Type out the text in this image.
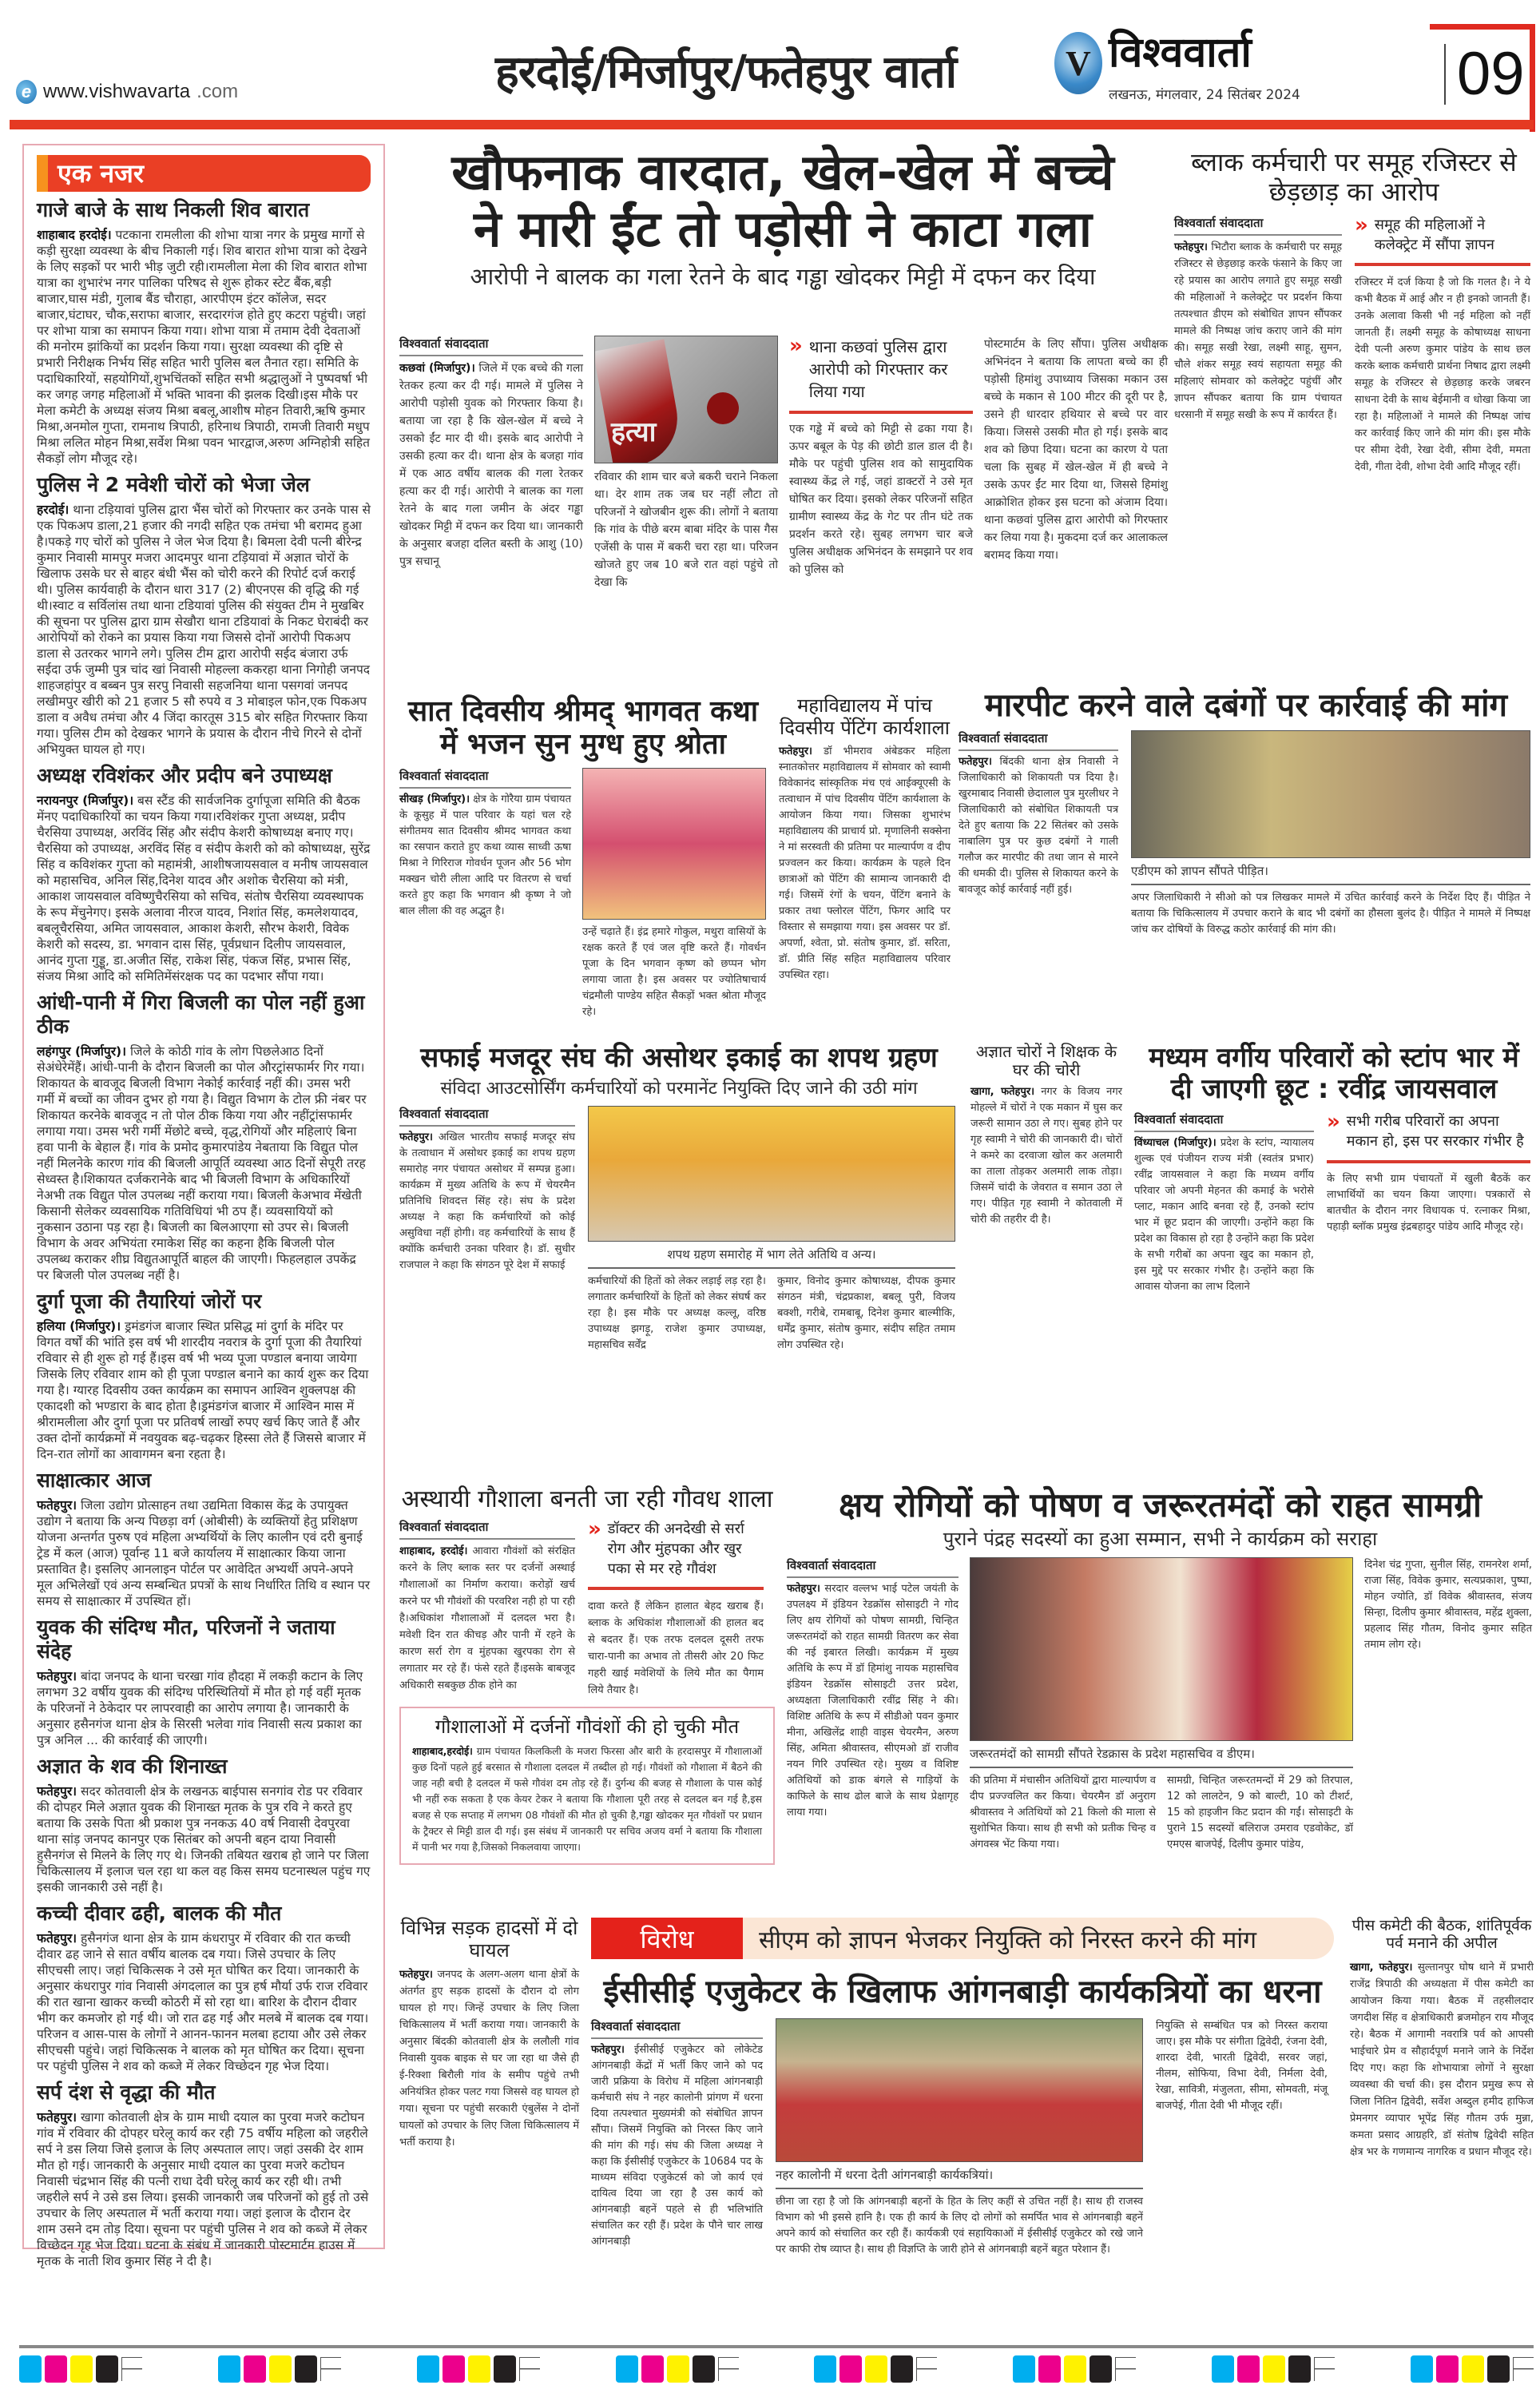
e www.vishwavarta .com	हरदोई/मिर्जापुर/फतेहपुर वार्ता V	विश्ववार्ता
लखनऊ, मंगलवार, 24 सितंबर 2024	09
एक नजर
गाजे बाजे के साथ निकली शिव बारात
शाहाबाद हरदोई। पटकाना रामलीला की शोभा यात्रा नगर के प्रमुख मार्गो से कड़ी सुरक्षा व्यवस्था के बीच निकाली गई। शिव बारात शोभा यात्रा को देखने के लिए सड़कों पर भारी भीड़ जुटी रही।रामलीला मेला की शिव बारात शोभा यात्रा का शुभारंभ नगर पालिका परिषद से शुरू होकर स्टेट बैंक,बड़ी बाजार,घास मंडी, गुलाब बैंड चौराहा, आरपीएम इंटर कॉलेज, सदर बाजार,घंटाघर, चौक,सराफा बाजार, सरदारगंज होते हुए कटरा पहुंची। जहां पर शोभा यात्रा का समापन किया गया। शोभा यात्रा में तमाम देवी देवताओं की मनोरम झांकियों का प्रदर्शन किया गया। सुरक्षा व्यवस्था की दृष्टि से प्रभारी निरीक्षक निर्भय सिंह सहित भारी पुलिस बल तैनात रहा। समिति के पदाधिकारियों, सहयोगियों,शुभचिंतकों सहित सभी श्रद्धालुओं ने पुष्पवर्षा भी कर जगह जगह महिलाओं में भक्ति भावना की झलक दिखी।इस मौके पर मेला कमेटी के अध्यक्ष संजय मिश्रा बबलू,आशीष मोहन तिवारी,ऋषि कुमार मिश्रा,अनमोल गुप्ता, रामनाथ त्रिपाठी, हरिनाथ त्रिपाठी, रामजी तिवारी मधुप मिश्रा ललित मोहन मिश्रा,सर्वेश मिश्रा पवन भारद्वाज,अरुण अग्निहोत्री सहित सैकड़ों लोग मौजूद रहे।
पुलिस ने 2 मवेशी चोरों को भेजा जेल
हरदोई। थाना टड़ियावां पुलिस द्वारा भैंस चोरों को गिरफ्तार कर उनके पास से एक पिकअप डाला,21 हजार की नगदी सहित एक तमंचा भी बरामद हुआ है।पकड़े गए चोरों को पुलिस ने जेल भेज दिया है। बिमला देवी पत्नी बीरेन्द्र कुमार निवासी मामपुर मजरा आदमपुर थाना टड़ियावां में अज्ञात चोरों के खिलाफ उसके घर से बाहर बंधी भैंस को चोरी करने की रिपोर्ट दर्ज कराई थी। पुलिस कार्यवाही के दौरान धारा 317 (2) बीएनएस की वृद्धि की गई थी।स्वाट व सर्विलांस तथा थाना टडियावां पुलिस की संयुक्त टीम ने मुखबिर की सूचना पर पुलिस द्वारा ग्राम सेखौरा थाना टडियावां के निकट घेराबंदी कर आरोपियों को रोकने का प्रयास किया गया जिससे दोनों आरोपी पिकअप डाला से उतरकर भागने लगे। पुलिस टीम द्वारा आरोपी सईद बंजारा उर्फ सईदा उर्फ जुम्मी पुत्र चांद खां निवासी मोहल्ला ककरहा थाना निगोही जनपद शाहजहांपुर व बब्बन पुत्र सरपु निवासी सहजनिया थाना पसगवां जनपद लखीमपुर खीरी को 21 हजार 5 सौ रुपये व 3 मोबाइल फोन,एक पिकअप डाला व अवैध तमंचा और 4 जिंदा कारतूस 315 बोर सहित गिरफ्तार किया गया। पुलिस टीम को देखकर भागने के प्रयास के दौरान नीचे गिरने से दोनों अभियुक्त घायल हो गए।
अध्यक्ष रविशंकर और प्रदीप बने उपाध्यक्ष
नरायनपुर (मिर्जापुर)। बस स्टैंड की सार्वजनिक दुर्गापूजा समिति की बैठक मेंनए पदाधिकारियों का चयन किया गया।रविशंकर गुप्ता अध्यक्ष, प्रदीप चैरसिया उपाध्यक्ष, अरविंद सिंह और संदीप केशरी कोषाध्यक्ष बनाए गए। चैरसिया को उपाध्यक्ष, अरविंद सिंह व संदीप केशरी को को कोषाध्यक्ष, सुरेंद्र सिंह व कविशंकर गुप्ता को महामंत्री, आशीषजायसवाल व मनीष जायसवाल को महासचिव, अनिल सिंह,दिनेश यादव और अशोक चैरसिया को मंत्री, आकाश जायसवाल वविष्णुचैरसिया को सचिव, संतोष चैरसिया व्यवस्थापक के रूप मेंचुनेगए। इसके अलावा नीरज यादव, निशांत सिंह, कमलेशयादव, बबलूचैरसिया, अमित जायसवाल, आकाश केशरी, सौरभ केशरी, विवेक केशरी को सदस्य, डा. भगवान दास सिंह, पूर्वप्रधान दिलीप जायसवाल, आनंद गुप्ता गुड्डू, डा.अजीत सिंह, राकेश सिंह, पंकज सिंह, प्रभास सिंह, संजय मिश्रा आदि को समितिमेंसंरक्षक पद का पदभार सौंपा गया।
आंधी-पानी में गिरा बिजली का पोल नहीं हुआ ठीक
लहंगपुर (मिर्जापुर)। जिले के कोठी गांव के लोग पिछलेआठ दिनों सेअंधेरेमेंहैं। आंधी-पानी के दौरान बिजली का पोल औरट्रांसफार्मर गिर गया। शिकायत के बावजूद बिजली विभाग नेकोई कार्रवाई नहीं की। उमस भरी गर्मी में बच्चों का जीवन दुभर हो गया है। विद्युत विभाग के टोल फ्री नंबर पर शिकायत करनेके बावजूद न तो पोल ठीक किया गया और नहींट्रांसफार्मर लगाया गया। उमस भरी गर्मी मेंछोटे बच्चे, वृद्ध,रोगियों और महिलाएं बिना हवा पानी के बेहाल हैं। गांव के प्रमोद कुमारपांडेय नेबताया कि विद्युत पोल नहीं मिलनेके कारण गांव की बिजली आपूर्ति व्यवस्था आठ दिनों सेपूरी तरह सेध्वस्त है।शिकायत दर्जकरानेके बाद भी बिजली विभाग के अधिकारियों नेअभी तक विद्युत पोल उपलब्ध नहीं कराया गया। बिजली केअभाव मेंखेती किसानी सेलेकर व्यवसायिक गतिविधियां भी ठप हैं। व्यवसायियों को नुकसान उठाना पड़ रहा है। बिजली का बिलआएगा सो उपर से। बिजली विभाग के अवर अभियंता रमाकेश सिंह का कहना हैकि बिजली पोल उपलब्ध कराकर शीघ्र विद्युतआपूर्ति बाहल की जाएगी। फिहलहाल उपकेंद्र पर बिजली पोल उपलब्ध नहीं है।
दुर्गा पूजा की तैयारियां जोरों पर
हलिया (मिर्जापुर)। ड्रमंडगंज बाजार स्थित प्रसिद्ध मां दुर्गा के मंदिर पर विगत वर्षों की भांति इस वर्ष भी शारदीय नवरात्र के दुर्गा पूजा की तैयारियां रविवार से ही शुरू हो गई हैं।इस वर्ष भी भव्य पूजा पण्डाल बनाया जायेगा जिसके लिए रविवार शाम को ही पूजा पण्डाल बनाने का कार्य शुरू कर दिया गया है। ग्यारह दिवसीय उक्त कार्यक्रम का समापन आश्विन शुक्लपक्ष की एकादशी को भण्डारा के बाद होता है।ड्रमंडगंज बाजार में आश्विन मास में श्रीरामलीला और दुर्गा पूजा पर प्रतिवर्ष लाखों रुपए खर्च किए जाते हैं और उक्त दोनों कार्यक्रमों में नवयुवक बढ़-चढ़कर हिस्सा लेते हैं जिससे बाजार में दिन-रात लोगों का आवागमन बना रहता है।
साक्षात्कार आज
फतेहपुर। जिला उद्योग प्रोत्साहन तथा उद्यमिता विकास केंद्र के उपायुक्त उद्योग ने बताया कि अन्य पिछड़ा वर्ग (ओबीसी) के व्यक्तियों हेतु प्रशिक्षण योजना अन्तर्गत पुरुष एवं महिला अभ्यर्थियों के लिए कालीन एवं दरी बुनाई ट्रेड में कल (आज) पूर्वान्ह 11 बजे कार्यालय में साक्षात्कार किया जाना प्रस्तावित है। इसलिए आनलाइन पोर्टल पर आवेदित अभ्यर्थी अपने-अपने मूल अभिलेखों एवं अन्य सम्बन्धित प्रपत्रों के साथ निर्धारित तिथि व स्थान पर समय से साक्षात्कार में उपस्थित हों।
युवक की संदिग्ध मौत, परिजनों ने जताया संदेह
फतेहपुर। बांदा जनपद के थाना चरखा गांव हौदहा में लकड़ी कटान के लिए लगभग 32 वर्षीय युवक की संदिग्ध परिस्थितियों में मौत हो गई वहीं मृतक के परिजनों ने ठेकेदार पर लापरवाही का आरोप लगाया है। जानकारी के अनुसार हसैनगंज थाना क्षेत्र के सिरसी भलेवा गांव निवासी सत्य प्रकाश का पुत्र अनिल ... की कार्रवाई की जाएगी।
अज्ञात के शव की शिनाख्त
फतेहपुर। सदर कोतवाली क्षेत्र के लखनऊ बाईपास सनगांव रोड पर रविवार की दोपहर मिले अज्ञात युवक की शिनाख्त मृतक के पुत्र रवि ने करते हुए बताया कि उसके पिता श्री प्रकाश पुत्र ननकऊ 40 वर्ष निवासी देवपुरवा थाना सांड़ जनपद कानपुर एक सितंबर को अपनी बहन दाया निवासी हुसैनगंज से मिलने के लिए गए थे। जिनकी तबियत खराब हो जाने पर जिला चिकित्सालय में इलाज चल रहा था कल वह किस समय घटनास्थल पहुंच गए इसकी जानकारी उसे नहीं है।
कच्ची दीवार ढही, बालक की मौत
फतेहपुर। हुसैनगंज थाना क्षेत्र के ग्राम कंधरापुर में रविवार की रात कच्ची दीवार ढह जाने से सात वर्षीय बालक दब गया। जिसे उपचार के लिए सीएचसी लाए। जहां चिकित्सक ने उसे मृत घोषित कर दिया। जानकारी के अनुसार कंधरापुर गांव निवासी अंगदलाल का पुत्र हर्ष मौर्या उर्फ राज रविवार की रात खाना खाकर कच्ची कोठरी में सो रहा था। बारिश के दौरान दीवार भीग कर कमजोर हो गई थी। जो रात ढह गई और मलबे में बालक दब गया। परिजन व आस-पास के लोगों ने आनन-फानन मलबा हटाया और उसे लेकर सीएचसी पहुंचे। जहां चिकित्सक ने बालक को मृत घोषित कर दिया। सूचना पर पहुंची पुलिस ने शव को कब्जे में लेकर विच्छेदन गृह भेज दिया।
सर्प दंश से वृद्धा की मौत
फतेहपुर। खागा कोतवाली क्षेत्र के ग्राम माधी दयाल का पुरवा मजरे कटोघन गांव में रविवार की दोपहर घरेलू कार्य कर रही 75 वर्षीय महिला को जहरीले सर्प ने डस लिया जिसे इलाज के लिए अस्पताल लाए। जहां उसकी देर शाम मौत हो गई। जानकारी के अनुसार माधी दयाल का पुरवा मजरे कटोघन निवासी चंद्रभान सिंह की पत्नी राधा देवी घरेलू कार्य कर रही थी। तभी जहरीले सर्प ने उसे डस लिया। इसकी जानकारी जब परिजनों को हुई तो उसे उपचार के लिए अस्पताल में भर्ती कराया गया। जहां इलाज के दौरान देर शाम उसने दम तोड़ दिया। सूचना पर पहुंची पुलिस ने शव को कब्जे में लेकर विच्छेदन गृह भेज दिया। घटना के संबंध में जानकारी पोस्टमार्टम हाउस में मृतक के नाती शिव कुमार सिंह ने दी है।
खौफनाक वारदात, खेल-खेल में बच्चे
ने मारी ईंट तो पड़ोसी ने काटा गला
आरोपी ने बालक का गला रेतने के बाद गड्ढा खोदकर मिट्टी में दफन कर दिया
विश्ववार्ता संवाददाता
कछवां (मिर्जापुर)। जिले में एक बच्चे की गला रेतकर हत्या कर दी गई। मामले में पुलिस ने आरोपी पड़ोसी युवक को गिरफ्तार किया है। बताया जा रहा है कि खेल-खेल में बच्चे ने उसको ईंट मार दी थी। इसके बाद आरोपी ने उसकी हत्या कर दी। थाना क्षेत्र के बजहा गांव में एक आठ वर्षीय बालक की गला रेतकर हत्या कर दी गई। आरोपी ने बालक का गला रेतने के बाद गला जमीन के अंदर गड्ढा खोदकर मिट्टी में दफन कर दिया था। जानकारी के अनुसार बजहा दलित बस्ती के आशु (10) पुत्र सचानू
हत्या
रविवार की शाम चार बजे बकरी चराने निकला था। देर शाम तक जब घर नहीं लौटा तो परिजनों ने खोजबीन शुरू की। लोगों ने बताया कि गांव के पीछे बरम बाबा मंदिर के पास गैस एजेंसी के पास में बकरी चरा रहा था। परिजन खोजते हुए जब 10 बजे रात वहां पहुंचे तो देखा कि
» थाना कछवां पुलिस द्वारा आरोपी को गिरफ्तार कर लिया गया
एक गड्ढे में बच्चे को मिट्टी से ढका गया है। ऊपर बबूल के पेड़ की छोटी डाल डाल दी है। मौके पर पहुंची पुलिस शव को सामुदायिक स्वास्थ्य केंद्र ले गई, जहां डाक्टरों ने उसे मृत घोषित कर दिया। इसको लेकर परिजनों सहित ग्रामीण स्वास्थ्य केंद्र के गेट पर तीन घंटे तक प्रदर्शन करते रहे। सुबह लगभग चार बजे पुलिस अधीक्षक अभिनंदन के समझाने पर शव को पुलिस को
पोस्टमार्टम के लिए सौंपा। पुलिस अधीक्षक अभिनंदन ने बताया कि लापता बच्चे का ही पड़ोसी हिमांशु उपाध्याय जिसका मकान उस बच्चे के मकान से 100 मीटर की दूरी पर है, उसने ही धारदार हथियार से बच्चे पर वार किया। जिससे उसकी मौत हो गई। इसके बाद शव को छिपा दिया। घटना का कारण ये पता चला कि सुबह में खेल-खेल में ही बच्चे ने उसके ऊपर ईंट मार दिया था, जिससे हिमांशु आक्रोशित होकर इस घटना को अंजाम दिया। थाना कछवां पुलिस द्वारा आरोपी को गिरफ्तार कर लिया गया है। मुकदमा दर्ज कर आलाकत्ल बरामद किया गया।
ब्लाक कर्मचारी पर समूह रजिस्टर से छेड़छाड़ का आरोप
विश्ववार्ता संवाददाता
फतेहपुर। भिटौरा ब्लाक के कर्मचारी पर समूह रजिस्टर से छेड़छाड़ करके फंसाने के किए जा रहे प्रयास का आरोप लगाते हुए समूह सखी की महिलाओं ने कलेक्ट्रेट पर प्रदर्शन किया तत्पश्चात डीएम को संबोधित ज्ञापन सौंपकर मामले की निष्पक्ष जांच कराए जाने की मांग की। समूह सखी रेखा, लक्ष्मी साहू, सुमन, चौले शंकर समूह स्वयं सहायता समूह की महिलाएं सोमवार को कलेक्ट्रेट पहुंचीं और ज्ञापन सौंपकर बताया कि ग्राम पंचायत धरसानी में समूह सखी के रूप में कार्यरत हैं।
» समूह की महिलाओं ने कलेक्ट्रेट में सौंपा ज्ञापन
रजिस्टर में दर्ज किया है जो कि गलत है। ने ये कभी बैठक में आई और न ही इनको जानती हैं। उनके अलावा किसी भी नई महिला को नहीं जानती हैं। लक्ष्मी समूह के कोषाध्यक्ष साधना देवी पत्नी अरुण कुमार पांडेय के साथ छल करके ब्लाक कर्मचारी प्रार्थना निषाद द्वारा लक्ष्मी समूह के रजिस्टर से छेड़छाड़ करके जबरन साधना देवी के साथ बेईमानी व धोखा किया जा रहा है। महिलाओं ने मामले की निष्पक्ष जांच कर कार्रवाई किए जाने की मांग की। इस मौके पर सीमा देवी, रेखा देवी, सीमा देवी, ममता देवी, गीता देवी, शोभा देवी आदि मौजूद रहीं।
सात दिवसीय श्रीमद् भागवत कथा में भजन सुन मुग्ध हुए श्रोता
विश्ववार्ता संवाददाता
सीखड़ (मिर्जापुर)। क्षेत्र के गोरैया ग्राम पंचायत के कूसुह में पाल परिवार के यहां चल रहे संगीतमय सात दिवसीय श्रीमद भागवत कथा का रसपान कराते हुए कथा व्यास साध्वी ऊषा मिश्रा ने गिरिराज गोवर्धन पूजन और 56 भोग मक्खन चोरी लीला आदि पर वितरण से चर्चा करते हुए कहा कि भगवान श्री कृष्ण ने जो बाल लीला की वह अद्भुत है।
उन्हें चढ़ाते हैं। इंद्र हमारे गोकुल, मथुरा वासियों के रक्षक करते हैं एवं जल वृष्टि करते हैं। गोवर्धन पूजा के दिन भगवान कृष्ण को छप्पन भोग लगाया जाता है। इस अवसर पर ज्योतिषाचार्य चंद्रमौली पाण्डेय सहित सैकड़ों भक्त श्रोता मौजूद रहे।
महाविद्यालय में पांच दिवसीय पेंटिंग कार्यशाला
फतेहपुर। डॉ भीमराव अंबेडकर महिला स्नातकोत्तर महाविद्यालय में सोमवार को स्वामी विवेकानंद सांस्कृतिक मंच एवं आईक्यूएसी के तत्वाधान में पांच दिवसीय पेंटिंग कार्यशाला के आयोजन किया गया। जिसका शुभारंभ महाविद्यालय की प्राचार्य प्रो. मृणालिनी सक्सेना ने मां सरस्वती की प्रतिमा पर माल्यार्पण व दीप प्रज्वलन कर किया। कार्यक्रम के पहले दिन छात्राओं को पेंटिंग की सामान्य जानकारी दी गई। जिसमें रंगों के चयन, पेंटिंग बनाने के प्रकार तथा फ्लोरल पेंटिंग, फिगर आदि पर विस्तार से समझाया गया। इस अवसर पर डॉ. अपर्णा, श्वेता, प्रो. संतोष कुमार, डॉ. सरिता, डॉ. प्रीति सिंह सहित महाविद्यालय परिवार उपस्थित रहा।
मारपीट करने वाले दबंगों पर कार्रवाई की मांग
विश्ववार्ता संवाददाता
फतेहपुर। बिंदकी थाना क्षेत्र निवासी ने जिलाधिकारी को शिकायती पत्र दिया है। खुरमाबाद निवासी छेदालाल पुत्र मुरलीधर ने जिलाधिकारी को संबोधित शिकायती पत्र देते हुए बताया कि 22 सितंबर को उसके नाबालिग पुत्र पर कुछ दबंगों ने गाली गलौज कर मारपीट की तथा जान से मारने की धमकी दी। पुलिस से शिकायत करने के बावजूद कोई कार्रवाई नहीं हुई।
एडीएम को ज्ञापन सौंपते पीड़ित।
अपर जिलाधिकारी ने सीओ को पत्र लिखकर मामले में उचित कार्रवाई करने के निर्देश दिए हैं। पीड़ित ने बताया कि चिकित्सालय में उपचार कराने के बाद भी दबंगों का हौसला बुलंद है। पीड़ित ने मामले में निष्पक्ष जांच कर दोषियों के विरुद्ध कठोर कार्रवाई की मांग की।
सफाई मजदूर संघ की असोथर इकाई का शपथ ग्रहण
संविदा आउटसोर्सिंग कर्मचारियों को परमानेंट नियुक्ति दिए जाने की उठी मांग
विश्ववार्ता संवाददाता
फतेहपुर। अखिल भारतीय सफाई मजदूर संघ के तत्वाधान में असोथर इकाई का शपथ ग्रहण समारोह नगर पंचायत असोथर में सम्पन्न हुआ। कार्यक्रम में मुख्य अतिथि के रूप में चेयरमैन प्रतिनिधि शिवदत्त सिंह रहे। संघ के प्रदेश अध्यक्ष ने कहा कि कर्मचारियों को कोई असुविधा नहीं होगी। वह कर्मचारियों के साथ हैं क्योंकि कर्मचारी उनका परिवार है। डॉ. सुधीर राजपाल ने कहा कि संगठन पूरे देश में सफाई
शपथ ग्रहण समारोह में भाग लेते अतिथि व अन्य।
कर्मचारियों की हितों को लेकर लड़ाई लड़ रहा है। लगातार कर्मचारियों के हितों को लेकर संघर्ष कर रहा है। इस मौके पर अध्यक्ष कल्लू, वरिष्ठ उपाध्यक्ष झगड़ू, राजेश कुमार उपाध्यक्ष, महासचिव सर्वेंद्र
कुमार, विनोद कुमार कोषाध्यक्ष, दीपक कुमार संगठन मंत्री, चंद्रप्रकाश, बबलू पुरी, विजय बक्शी, गरीबे, रामबाबू, दिनेश कुमार बाल्मीकि, धर्मेंद्र कुमार, संतोष कुमार, संदीप सहित तमाम लोग उपस्थित रहे।
अज्ञात चोरों ने शिक्षक के घर की चोरी
खागा, फतेहपुर। नगर के विजय नगर मोहल्ले में चोरों ने एक मकान में घुस कर जरूरी सामान उठा ले गए। सुबह होने पर गृह स्वामी ने चोरी की जानकारी दी। चोरों ने कमरे का दरवाजा खोल कर अलमारी का ताला तोड़कर अलमारी लाक तोड़ा। जिसमें चांदी के जेवरात व समान उठा ले गए। पीड़ित गृह स्वामी ने कोतवाली में चोरी की तहरीर दी है।
मध्यम वर्गीय परिवारों को स्टांप भार में दी जाएगी छूट : रवींद्र जायसवाल
विश्ववार्ता संवाददाता
विंध्याचल (मिर्जापुर)। प्रदेश के स्टांप, न्यायालय शुल्क एवं पंजीयन राज्य मंत्री (स्वतंत्र प्रभार) रवींद्र जायसवाल ने कहा कि मध्यम वर्गीय परिवार जो अपनी मेहनत की कमाई के भरोसे प्लाट, मकान आदि बनवा रहे हैं, उनको स्टांप भार में छूट प्रदान की जाएगी। उन्होंने कहा कि प्रदेश का विकास हो रहा है उन्होंने कहा कि प्रदेश के सभी गरीबों का अपना खुद का मकान हो, इस मुद्दे पर सरकार गंभीर है। उन्होंने कहा कि आवास योजना का लाभ दिलाने
» सभी गरीब परिवारों का अपना मकान हो, इस पर सरकार गंभीर है
के लिए सभी ग्राम पंचायतों में खुली बैठकें कर लाभार्थियों का चयन किया जाएगा। पत्रकारों से बातचीत के दौरान नगर विधायक पं. रत्नाकर मिश्रा, पहाड़ी ब्लॉक प्रमुख इंद्रबहादुर पांडेय आदि मौजूद रहे।
अस्थायी गौशाला बनती जा रही गौवध शाला
विश्ववार्ता संवाददाता
शाहाबाद, हरदोई। आवारा गौवंशों को संरक्षित करने के लिए ब्लाक स्तर पर दर्जनों अस्थाई गौशालाओं का निर्माण कराया। करोड़ों खर्च करने पर भी गौवंशों की परवरिश नही हो पा रही है।अधिकांश गौशालाओं में दलदल भरा है।मवेशी दिन रात कीचड़ और पानी में रहने के कारण सर्रा रोग व मुंहपका खुरपका रोग से लगातार मर रहे हैं। फंसे रहते हैं।इसके बाबजूद अधिकारी सबकुछ ठीक होने का
» डॉक्टर की अनदेखी से सर्रा रोग और मुंहपका और खुर पका से मर रहे गौवंश
दावा करते हैं लेकिन हालात बेहद खराब हैं। ब्लाक के अधिकांश गौशालाओं की हालत बद से बदतर हैं। एक तरफ दलदल दूसरी तरफ चारा-पानी का अभाव तो तीसरी ओर 20 फिट गहरी खाई मवेशियों के लिये मौत का पैगाम लिये तैयार है।
गौशालाओं में दर्जनों गौवंशों की हो चुकी मौत
शाहाबाद,हरदोई। ग्राम पंचायत किलकिली के मजरा फिरसा और बारी के हरदासपुर में गौशालाओं कुछ दिनों पहले हुई बरसात से गौशाला दलदल में तब्दील हो गई। गौवंशों को गौशाला में बैठने की जाह नही बची है दलदल में फसे गौवंश दम तोड़ रहे हैं। दुर्गन्ध की बजह से गौशाला के पास कोई भी नहीं रुक सकता है एक केयर टेकर ने बताया कि गौशाला पूरी तरह से दलदल बन गई है,इस बजह से एक सप्ताह में लगभग 08 गौवंशों की मौत हो चुकी है,गड्ढा खोदकर मृत गौवंशों पर प्रधान के ट्रैक्टर से मिट्टी डाल दी गई। इस संबंध में जानकारी पर सचिव अजय वर्मा ने बताया कि गौशाला में पानी भर गया है,जिसको निकलवाया जाएगा।
क्षय रोगियों को पोषण व जरूरतमंदों को राहत सामग्री
पुराने पंद्रह सदस्यों का हुआ सम्मान, सभी ने कार्यक्रम को सराहा
विश्ववार्ता संवाददाता
फतेहपुर। सरदार वल्लभ भाई पटेल जयंती के उपलक्ष्य में इंडियन रेडक्रॉस सोसाइटी ने गोद लिए क्षय रोगियों को पोषण सामग्री, चिन्हित जरूरतमंदों को राहत सामग्री वितरण कर सेवा की नई इबारत लिखी। कार्यक्रम में मुख्य अतिथि के रूप में डॉ हिमांशु नायक महासचिव इंडियन रेडक्रॉस सोसाइटी उत्तर प्रदेश, अध्यक्षता जिलाधिकारी रवींद्र सिंह ने की। विशिष्ट अतिथि के रूप में सीडीओ पवन कुमार मीना, अखिलेंद्र शाही वाइस चेयरमैन, अरुण सिंह, अमिता श्रीवास्तव, सीएमओ डॉ राजीव नयन गिरि उपस्थित रहे। मुख्य व विशिष्ट अतिथियों को डाक बंगले से गाड़ियों के काफिले के साथ ढोल बाजे के साथ प्रेक्षागृह लाया गया।
जरूरतमंदों को सामग्री सौंपते रेडक्रास के प्रदेश महासचिव व डीएम।
की प्रतिमा में मंचासीन अतिथियों द्वारा माल्यार्पण व दीप प्रज्ज्वलित कर किया। चेयरमैन डॉ अनुराग श्रीवास्तव ने अतिथियों को 21 किलो की माला से सुशोभित किया। साथ ही सभी को प्रतीक चिन्ह व अंगवस्त्र भेंट किया गया।
सामग्री, चिन्हित जरूरतमन्दों में 29 को तिरपाल, 12 को लालटेन, 9 को बाल्टी, 10 को टीशर्ट, 15 को हाइजीन किट प्रदान की गईं। सोसाइटी के पुराने 15 सदस्यों बलिराज उमराव एडवोकेट, डॉ एमएस बाजपेई, दिलीप कुमार पांडेय,
दिनेश चंद्र गुप्ता, सुनील सिंह, रामनरेश शर्मा, राजा सिंह, विवेक कुमार, सत्यप्रकाश, पुष्पा, मोहन ज्योति, डॉ विवेक श्रीवास्तव, संजय सिन्हा, दिलीप कुमार श्रीवास्तव, महेंद्र शुक्ला, प्रहलाद सिंह गौतम, विनोद कुमार सहित तमाम लोग रहे।
विभिन्न सड़क हादसों में दो घायल
फतेहपुर। जनपद के अलग-अलग थाना क्षेत्रों के अंतर्गत हुए सड़क हादसों के दौरान दो लोग घायल हो गए। जिन्हें उपचार के लिए जिला चिकित्सालय में भर्ती कराया गया। जानकारी के अनुसार बिंदकी कोतवाली क्षेत्र के ललौली गांव निवासी युवक बाइक से घर जा रहा था जैसे ही ई-रिक्शा बिरौली गांव के समीप पहुंचे तभी अनियंत्रित होकर पलट गया जिससे वह घायल हो गया। सूचना पर पहुंची सरकारी एंबुलेंस ने दोनों घायलों को उपचार के लिए जिला चिकित्सालय में भर्ती कराया है।
विरोध	सीएम को ज्ञापन भेजकर नियुक्ति को निरस्त करने की मांग
ईसीसीई एजुकेटर के खिलाफ आंगनबाड़ी कार्यकत्रियों का धरना
विश्ववार्ता संवाददाता
फतेहपुर। ईसीसीई एजुकेटर को लोकेटेड आंगनबाड़ी केंद्रों में भर्ती किए जाने को पद जारी प्रक्रिया के विरोध में महिला आंगनबाड़ी कर्मचारी संघ ने नहर कालोनी प्रांगण में धरना दिया तत्पश्चात मुख्यमंत्री को संबोधित ज्ञापन सौंपा। जिसमें नियुक्ति को निरस्त किए जाने की मांग की गई। संघ की जिला अध्यक्ष ने कहा कि ईसीसीई एजुकेटर के 10684 पद के माध्यम संविदा एजुकेटर्स को जो कार्य एवं दायित्व दिया जा रहा है उस कार्य को आंगनबाड़ी बहनें पहले से ही भलिभांति संचालित कर रही हैं। प्रदेश के पौने चार लाख आंगनबाड़ी
नहर कालोनी में धरना देती आंगनबाड़ी कार्यकत्रियां।
छीना जा रहा है जो कि आंगनबाड़ी बहनों के हित के लिए कहीं से उचित नहीं है। साथ ही राजस्व विभाग को भी इससे हानि है। एक ही कार्य के लिए दो लोगों को समर्पित भाव से आंगनबाड़ी बहनें अपने कार्य को संचालित कर रही हैं। कार्यकत्री एवं सहायिकाओं में ईसीसीई एजुकेटर को रखे जाने पर काफी रोष व्याप्त है। साथ ही विज्ञप्ति के जारी होने से आंगनबाड़ी बहनें बहुत परेशान हैं।
नियुक्ति से सम्बंधित पत्र को निरस्त कराया जाए। इस मौके पर संगीता द्विवेदी, रंजना देवी, शारदा देवी, भारती द्विवेदी, सरवर जहां, नीलम, सोफिया, विभा देवी, निर्मला देवी, रेखा, सावित्री, मंजुलता, सीमा, सोमवती, मंजू बाजपेई, गीता देवी भी मौजूद रहीं।
पीस कमेटी की बैठक, शांतिपूर्वक पर्व मनाने की अपील
खागा, फतेहपुर। सुल्तानपुर घोष थाने में प्रभारी राजेंद्र त्रिपाठी की अध्यक्षता में पीस कमेटी का आयोजन किया गया। बैठक में तहसीलदार जगदीश सिंह व क्षेत्राधिकारी ब्रजमोहन राय मौजूद रहे। बैठक में आगामी नवरात्रि पर्व को आपसी भाईचारे प्रेम व सौहार्दपूर्ण मनाने जाने के निर्देश दिए गए। कहा कि शोभायात्रा लोगों ने सुरक्षा व्यवस्था की चर्चा की। इस दौरान प्रमुख रूप से जिला नितिन द्विवेदी, सर्वेश अब्दुल हमीद हाफिज प्रेमनगर व्यापार भूपेंद्र सिंह गौतम उर्फ मुन्ना, कमता प्रसाद आग्रहरि, डॉ संतोष द्विवेदी सहित क्षेत्र भर के गणमान्य नागरिक व प्रधान मौजूद रहे।
